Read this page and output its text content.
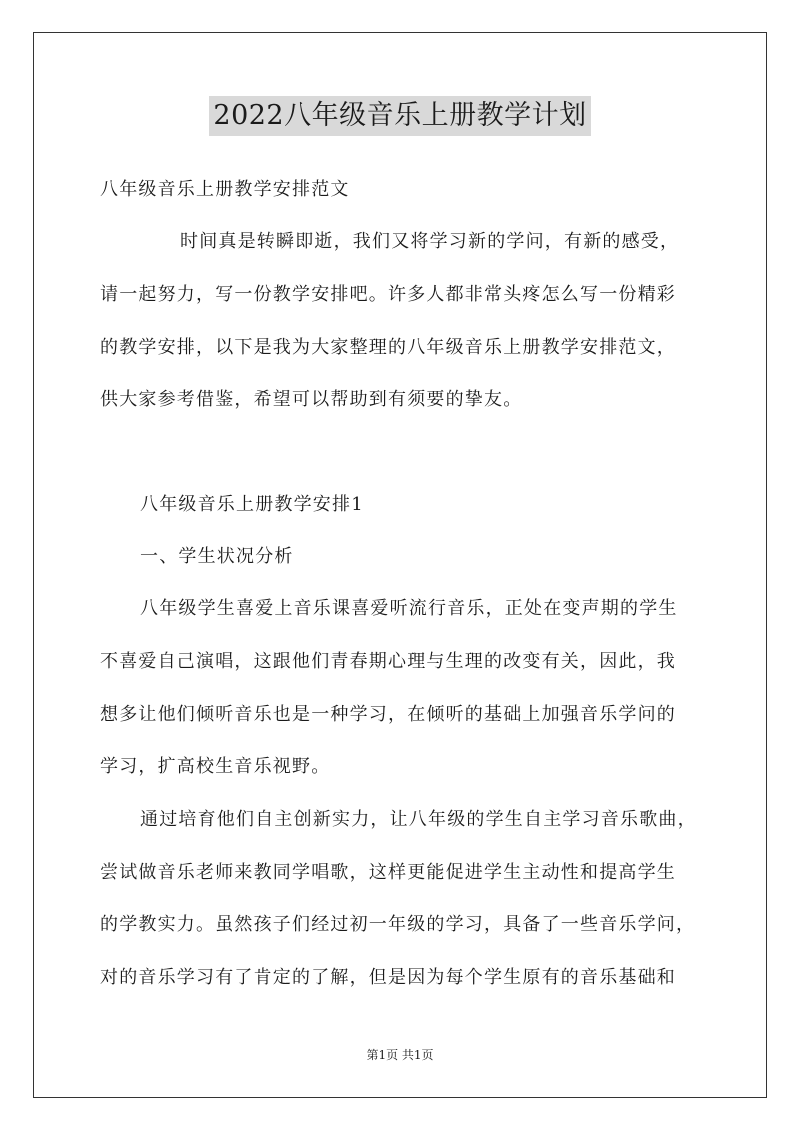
2022八年级音乐上册教学计划
八年级音乐上册教学安排范文
时间真是转瞬即逝，我们又将学习新的学问，有新的感受，
请一起努力，写一份教学安排吧。许多人都非常头疼怎么写一份精彩
的教学安排，以下是我为大家整理的八年级音乐上册教学安排范文，
供大家参考借鉴，希望可以帮助到有须要的挚友。
八年级音乐上册教学安排1
一、学生状况分析
八年级学生喜爱上音乐课喜爱听流行音乐，正处在变声期的学生
不喜爱自己演唱，这跟他们青春期心理与生理的改变有关，因此，我
想多让他们倾听音乐也是一种学习，在倾听的基础上加强音乐学问的
学习，扩高校生音乐视野。
通过培育他们自主创新实力，让八年级的学生自主学习音乐歌曲，
尝试做音乐老师来教同学唱歌，这样更能促进学生主动性和提高学生
的学教实力。虽然孩子们经过初一年级的学习，具备了一些音乐学问，
对的音乐学习有了肯定的了解，但是因为每个学生原有的音乐基础和
第1页 共1页
